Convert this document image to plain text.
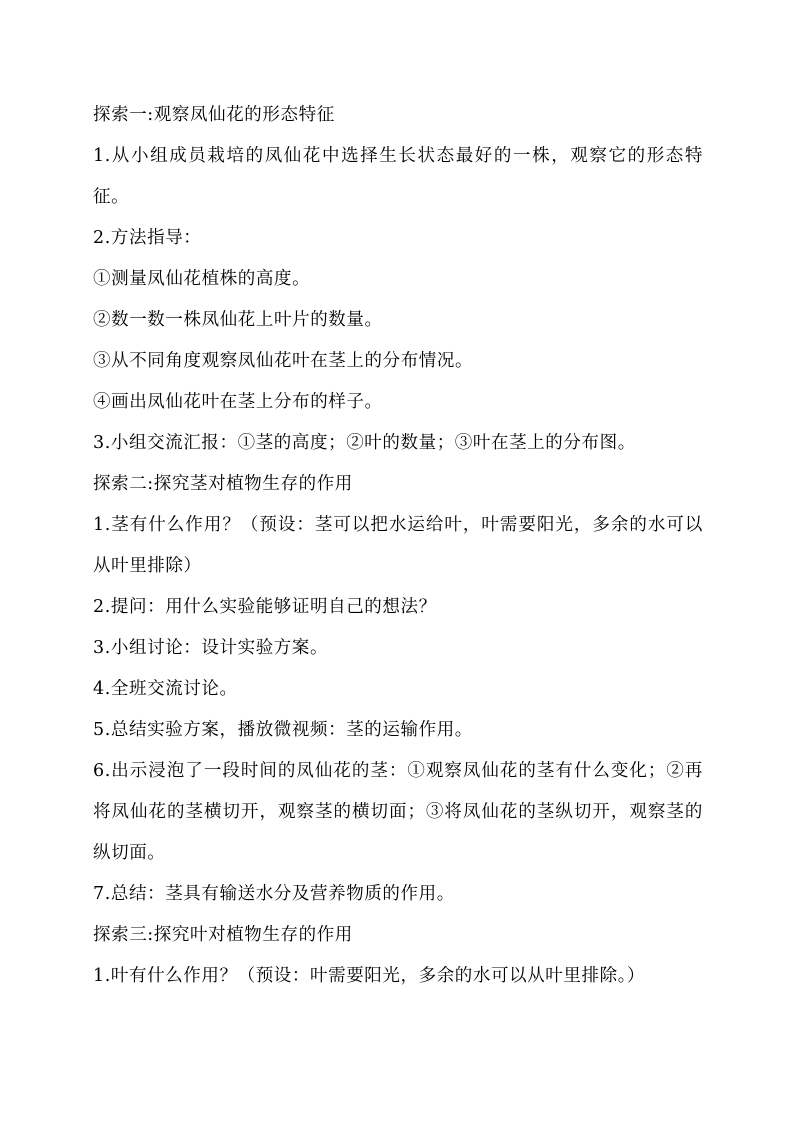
探索一:观察凤仙花的形态特征
1.从小组成员栽培的凤仙花中选择生长状态最好的一株，观察它的形态特征。
2.方法指导：
①测量凤仙花植株的高度。
②数一数一株凤仙花上叶片的数量。
③从不同角度观察凤仙花叶在茎上的分布情况。
④画出凤仙花叶在茎上分布的样子。
3.小组交流汇报：①茎的高度；②叶的数量；③叶在茎上的分布图。
探索二:探究茎对植物生存的作用
1.茎有什么作用？（预设：茎可以把水运给叶，叶需要阳光，多余的水可以从叶里排除）
2.提问：用什么实验能够证明自己的想法？
3.小组讨论：设计实验方案。
4.全班交流讨论。
5.总结实验方案，播放微视频：茎的运输作用。
6.出示浸泡了一段时间的凤仙花的茎：①观察凤仙花的茎有什么变化；②再将凤仙花的茎横切开，观察茎的横切面；③将凤仙花的茎纵切开，观察茎的纵切面。
7.总结：茎具有输送水分及营养物质的作用。
探索三:探究叶对植物生存的作用
1.叶有什么作用？（预设：叶需要阳光，多余的水可以从叶里排除。）
